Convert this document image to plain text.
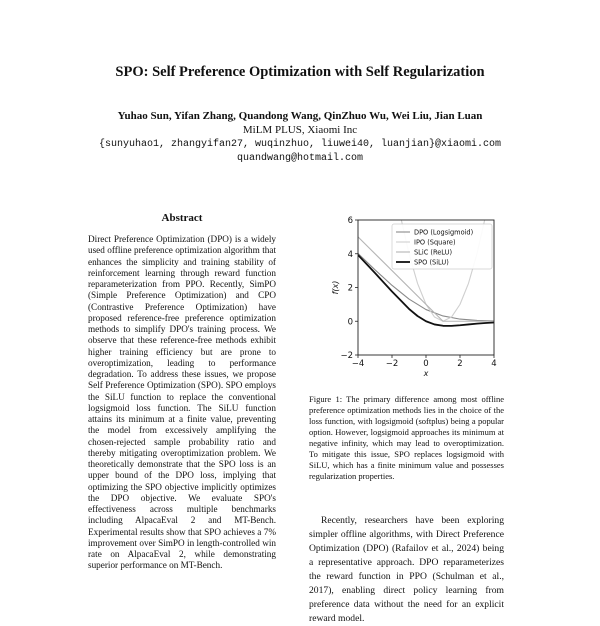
SPO: Self Preference Optimization with Self Regularization
Yuhao Sun, Yifan Zhang, Quandong Wang, QinZhuo Wu, Wei Liu, Jian Luan
MiLM PLUS, Xiaomi Inc
{sunyuhao1, zhangyifan27, wuqinzhuo, liuwei40, luanjian}@xiaomi.com
quandwang@hotmail.com
Abstract

Direct Preference Optimization (DPO) is a widely used offline preference optimization algorithm that enhances the simplicity and training stability of reinforcement learning through reward function reparameterization from PPO. Recently, SimPO (Simple Preference Optimization) and CPO (Contrastive Preference Optimization) have proposed reference-free preference optimization methods to simplify DPO's training process. We observe that these reference-free methods exhibit higher training efficiency but are prone to overoptimization, leading to performance degradation. To address these issues, we propose Self Preference Optimization (SPO). SPO employs the SiLU function to replace the conventional logsigmoid loss function. The SiLU function attains its minimum at a finite value, preventing the model from excessively amplifying the chosen-rejected sample probability ratio and thereby mitigating overoptimization problem. We theoretically demonstrate that the SPO loss is an upper bound of the DPO loss, implying that optimizing the SPO objective implicitly optimizes the DPO objective. We evaluate SPO's effectiveness across multiple benchmarks including AlpacaEval 2 and MT-Bench. Experimental results show that SPO achieves a 7% improvement over SimPO in length-controlled win rate on AlpacaEval 2, while demonstrating superior performance on MT-Bench.

−4	−2	0	2	4
−2
0
2
4
6
x
f(x)
DPO (Logsigmoid)
IPO (Square)
SLiC (ReLU)
SPO (SiLU)

Figure 1: The primary difference among most offline preference optimization methods lies in the choice of the loss function, with logsigmoid (softplus) being a popular option. However, logsigmoid approaches its minimum at negative infinity, which may lead to overoptimization. To mitigate this issue, SPO replaces logsigmoid with SiLU, which has a finite minimum value and possesses regularization properties.

Recently, researchers have been exploring simpler offline algorithms, with Direct Preference Optimization (DPO) (Rafailov et al., 2024) being a representative approach. DPO reparameterizes the reward function in PPO (Schulman et al., 2017), enabling direct policy learning from preference data without the need for an explicit reward model.
